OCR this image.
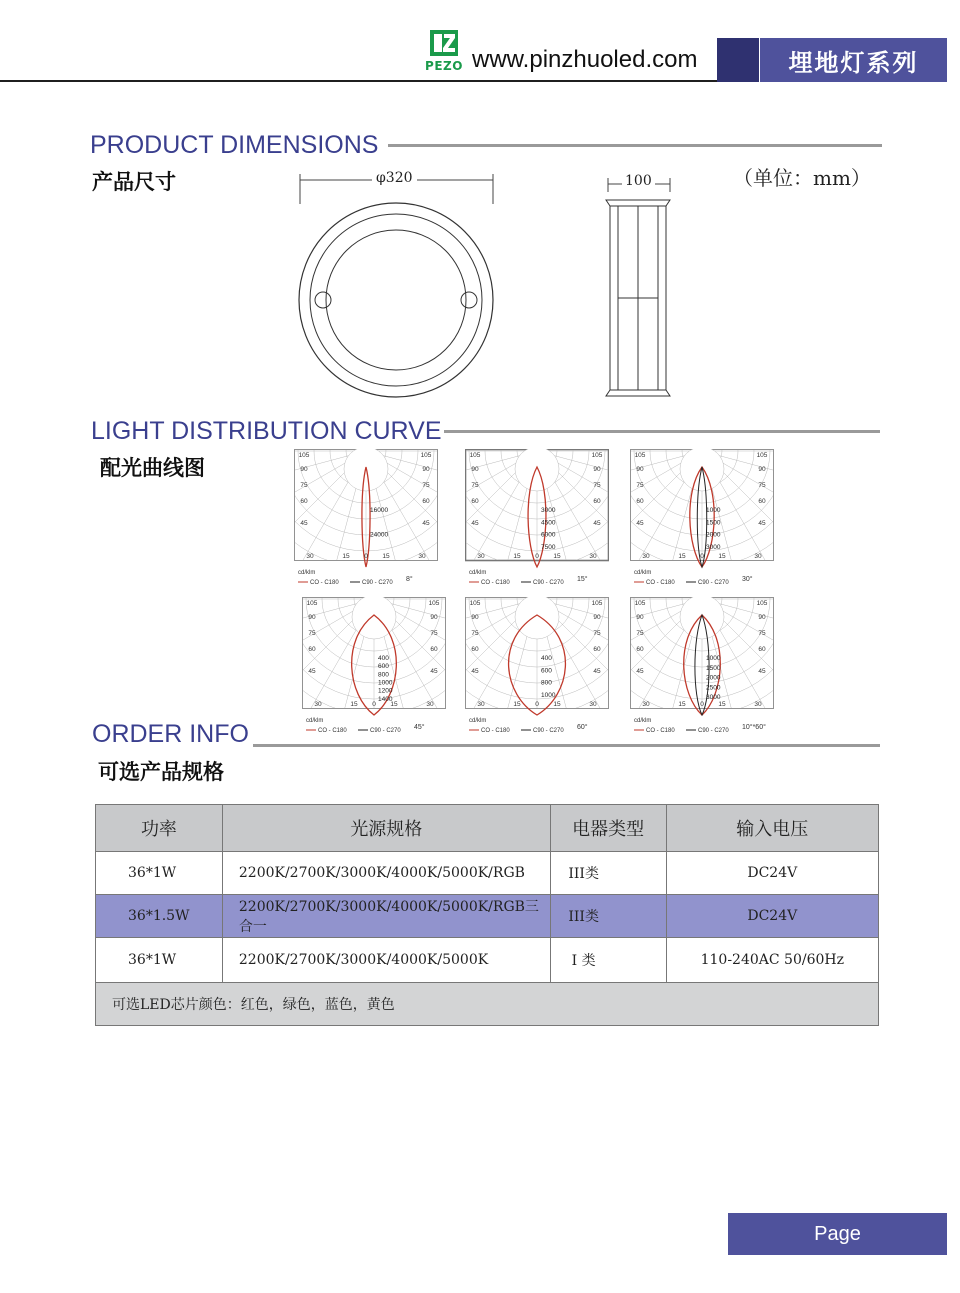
PEZO www.pinzhuoled.com	埋地灯系列
PRODUCT DIMENSIONS
产品尺寸	（单位：mm）
φ320	100
LIGHT DISTRIBUTION CURVE
配光曲线图
16000
24000
105
90
75
60
45
30	15 0 15	30
45
60
75
90
105
cd/klm
CO - C180	C90 - C270 8°
3000
4500
6000
7500
105
90
75
60
45
30	15 0 15	30
45
60
75
90
105
cd/klm
CO - C180	C90 - C270 15°
1000
1500
2000
3000
105
90
75
60
45
30	15 0 15	30
45
60
75
90
105
cd/klm
CO - C180	C90 - C270 30°
400
600
800
1000
1200
1400
105
90
75
60
45
30	15 0 15	30
45
60
75
90
105
cd/klm
CO - C180	C90 - C270 45°
400
600
800
1000
105
90
75
60
45
30	15 0 15	30
45
60
75
90
105
cd/klm
CO - C180	C90 - C270 60°
1000
1500
2000
2500
3000
105
90
75
60
45
30	15 0 15	30
45
60
75
90
105
cd/klm
CO - C180	C90 - C270 10°*60°
ORDER INFO
可选产品规格
功率	光源规格	电器类型	输入电压
36*1W	2200K/2700K/3000K/4000K/5000K/RGB	III类	DC24V
36*1.5W	2200K/2700K/3000K/4000K/5000K/RGB三合一	III类	DC24V
36*1W	2200K/2700K/3000K/4000K/5000K	I 类	110-240AC 50/60Hz
可选LED芯片颜色：红色，绿色，蓝色，黄色			
Page
